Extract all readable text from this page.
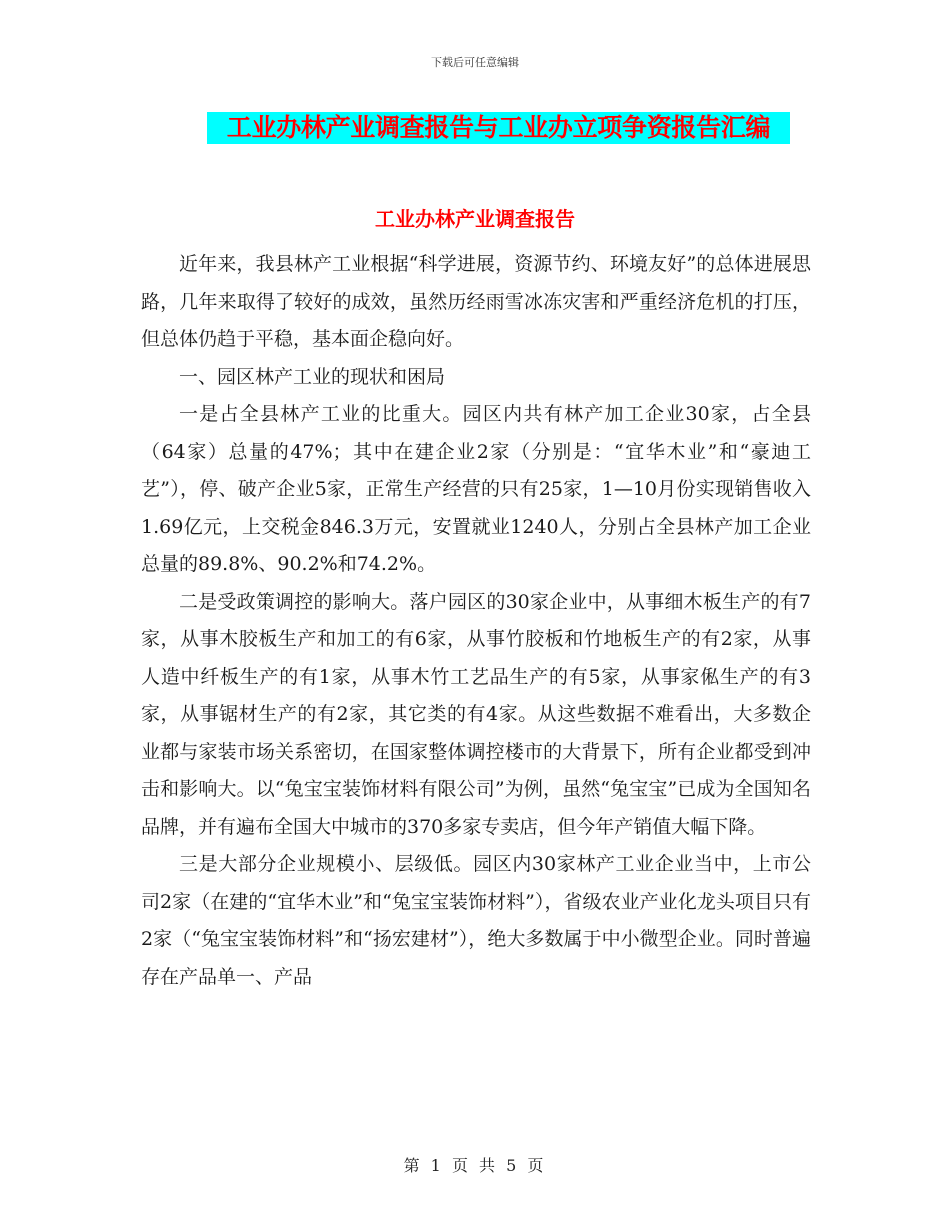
下载后可任意编辑
工业办林产业调查报告与工业办立项争资报告汇编
工业办林产业调查报告

近年来，我县林产工业根据“科学进展，资源节约、环境友好”的总体进展思路，几年来取得了较好的成效，虽然历经雨雪冰冻灾害和严重经济危机的打压，但总体仍趋于平稳，基本面企稳向好。

一、园区林产工业的现状和困局

一是占全县林产工业的比重大。园区内共有林产加工企业30家，占全县（64家）总量的47%；其中在建企业2家（分别是：“宜华木业”和“豪迪工艺”），停、破产企业5家，正常生产经营的只有25家，1—10月份实现销售收入1.69亿元，上交税金846.3万元，安置就业1240人，分别占全县林产加工企业总量的89.8%、90.2%和74.2%。

二是受政策调控的影响大。落户园区的30家企业中，从事细木板生产的有7家，从事木胶板生产和加工的有6家，从事竹胶板和竹地板生产的有2家，从事人造中纤板生产的有1家，从事木竹工艺品生产的有5家，从事家俬生产的有3家，从事锯材生产的有2家，其它类的有4家。从这些数据不难看出，大多数企业都与家装市场关系密切，在国家整体调控楼市的大背景下，所有企业都受到冲击和影响大。以“兔宝宝装饰材料有限公司”为例，虽然“兔宝宝”已成为全国知名品牌，并有遍布全国大中城市的370多家专卖店，但今年产销值大幅下降。

三是大部分企业规模小、层级低。园区内30家林产工业企业当中，上市公司2家（在建的“宜华木业”和“兔宝宝装饰材料”），省级农业产业化龙头项目只有2家（“兔宝宝装饰材料”和“扬宏建材”），绝大多数属于中小微型企业。同时普遍存在产品单一、产品

第 1 页 共 5 页
